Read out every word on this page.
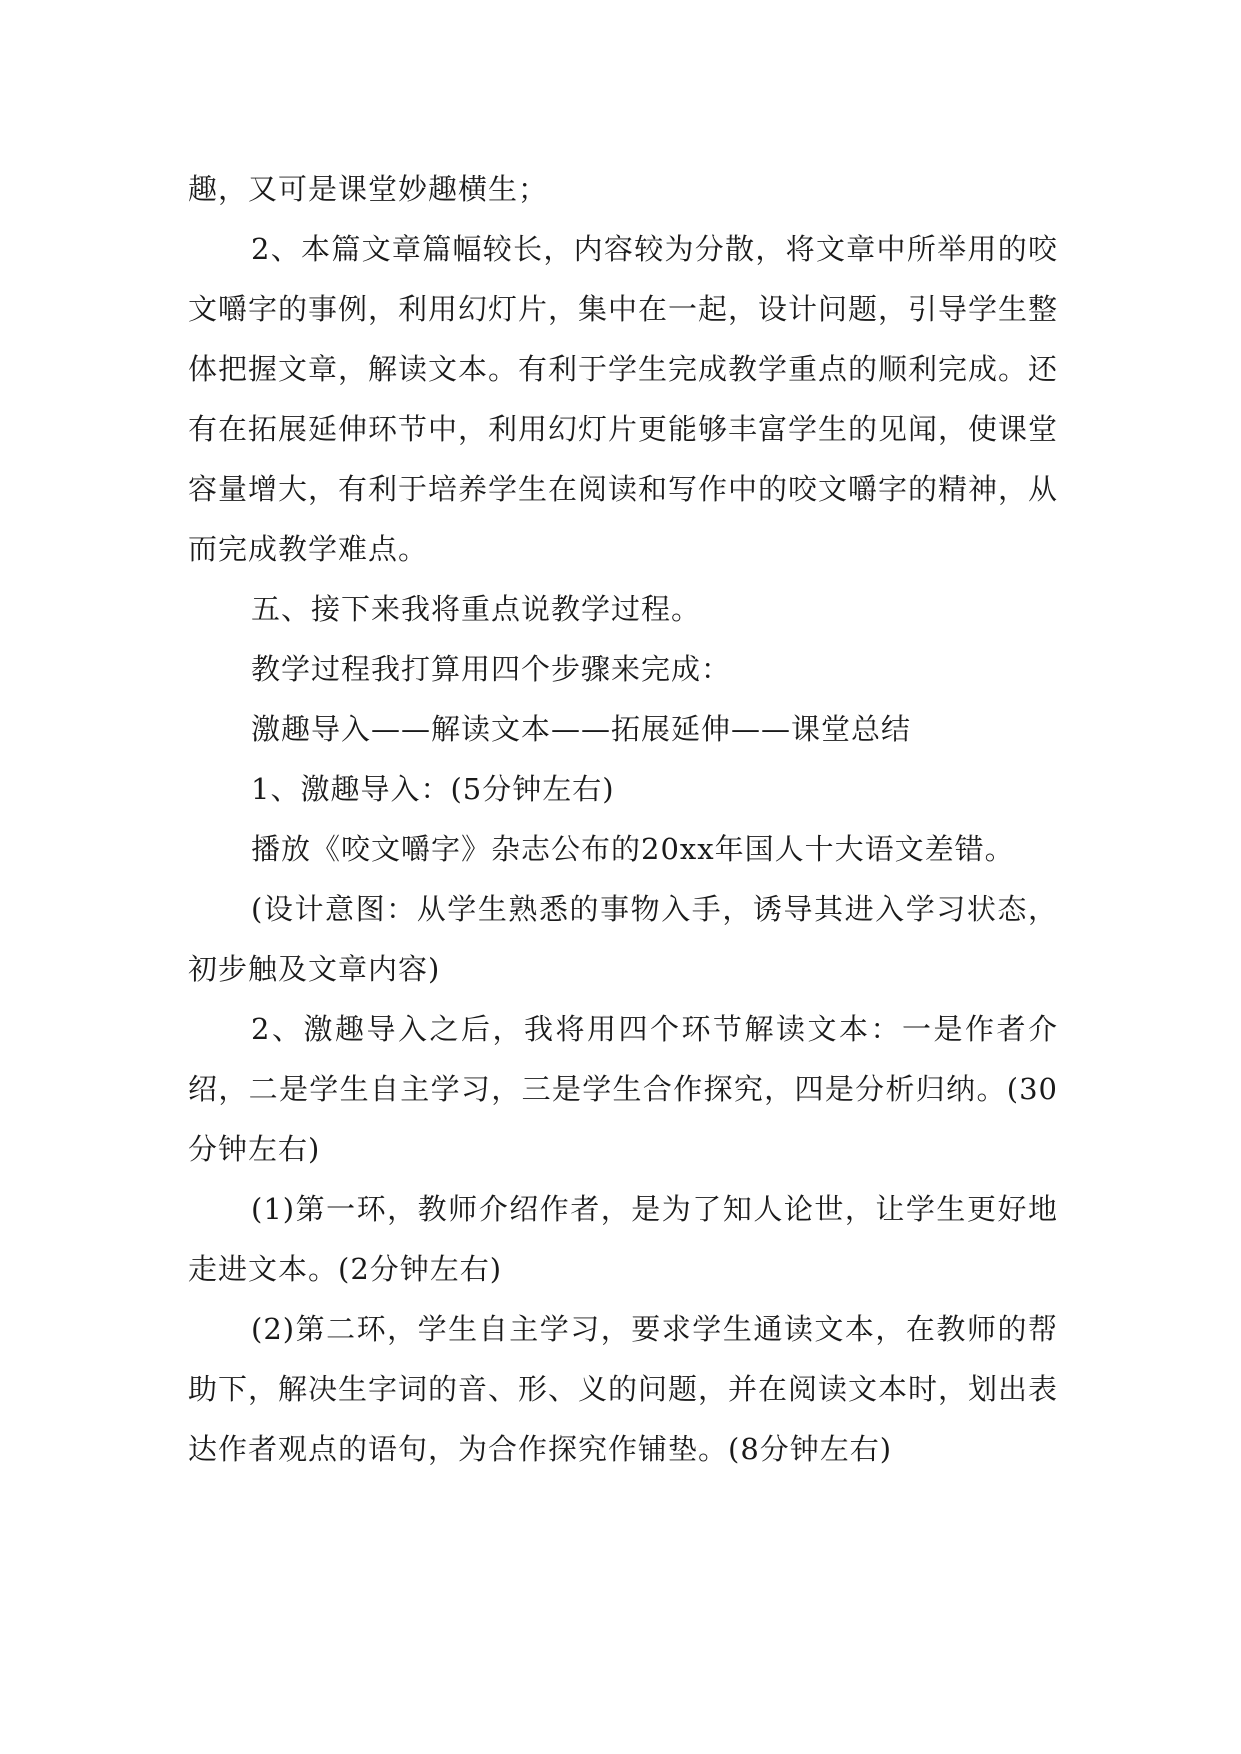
趣，又可是课堂妙趣横生；

2、本篇文章篇幅较长，内容较为分散，将文章中所举用的咬文嚼字的事例，利用幻灯片，集中在一起，设计问题，引导学生整体把握文章，解读文本。有利于学生完成教学重点的顺利完成。还有在拓展延伸环节中，利用幻灯片更能够丰富学生的见闻，使课堂容量增大，有利于培养学生在阅读和写作中的咬文嚼字的精神，从而完成教学难点。

五、接下来我将重点说教学过程。

教学过程我打算用四个步骤来完成：

激趣导入——解读文本——拓展延伸——课堂总结

1、激趣导入：(5分钟左右)

播放《咬文嚼字》杂志公布的20xx年国人十大语文差错。

(设计意图：从学生熟悉的事物入手，诱导其进入学习状态，初步触及文章内容)

2、激趣导入之后，我将用四个环节解读文本：一是作者介绍，二是学生自主学习，三是学生合作探究，四是分析归纳。(30分钟左右)

(1)第一环，教师介绍作者，是为了知人论世，让学生更好地走进文本。(2分钟左右)

(2)第二环，学生自主学习，要求学生通读文本，在教师的帮助下，解决生字词的音、形、义的问题，并在阅读文本时，划出表达作者观点的语句，为合作探究作铺垫。(8分钟左右)
